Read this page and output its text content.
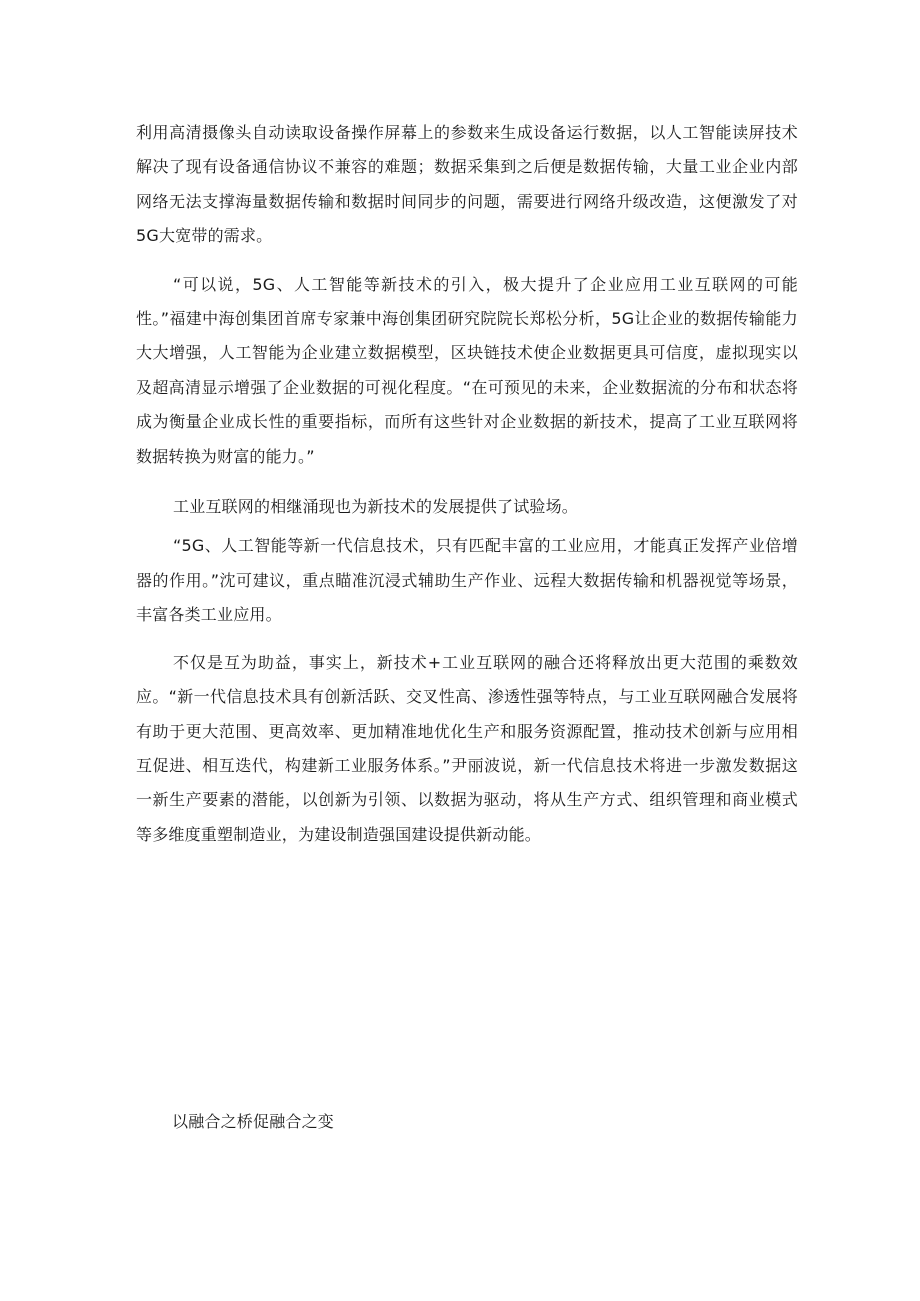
利用高清摄像头自动读取设备操作屏幕上的参数来生成设备运行数据，以人工智能读屏技术解决了现有设备通信协议不兼容的难题；数据采集到之后便是数据传输，大量工业企业内部网络无法支撑海量数据传输和数据时间同步的问题，需要进行网络升级改造，这便激发了对5G大宽带的需求。

“可以说，5G、人工智能等新技术的引入，极大提升了企业应用工业互联网的可能性。”福建中海创集团首席专家兼中海创集团研究院院长郑松分析，5G让企业的数据传输能力大大增强，人工智能为企业建立数据模型，区块链技术使企业数据更具可信度，虚拟现实以及超高清显示增强了企业数据的可视化程度。“在可预见的未来，企业数据流的分布和状态将成为衡量企业成长性的重要指标，而所有这些针对企业数据的新技术，提高了工业互联网将数据转换为财富的能力。”

工业互联网的相继涌现也为新技术的发展提供了试验场。

“5G、人工智能等新一代信息技术，只有匹配丰富的工业应用，才能真正发挥产业倍增器的作用。”沈可建议，重点瞄准沉浸式辅助生产作业、远程大数据传输和机器视觉等场景，丰富各类工业应用。

不仅是互为助益，事实上，新技术+工业互联网的融合还将释放出更大范围的乘数效应。“新一代信息技术具有创新活跃、交叉性高、渗透性强等特点，与工业互联网融合发展将有助于更大范围、更高效率、更加精准地优化生产和服务资源配置，推动技术创新与应用相互促进、相互迭代，构建新工业服务体系。”尹丽波说，新一代信息技术将进一步激发数据这一新生产要素的潜能，以创新为引领、以数据为驱动，将从生产方式、组织管理和商业模式等多维度重塑制造业，为建设制造强国建设提供新动能。

以融合之桥促融合之变
